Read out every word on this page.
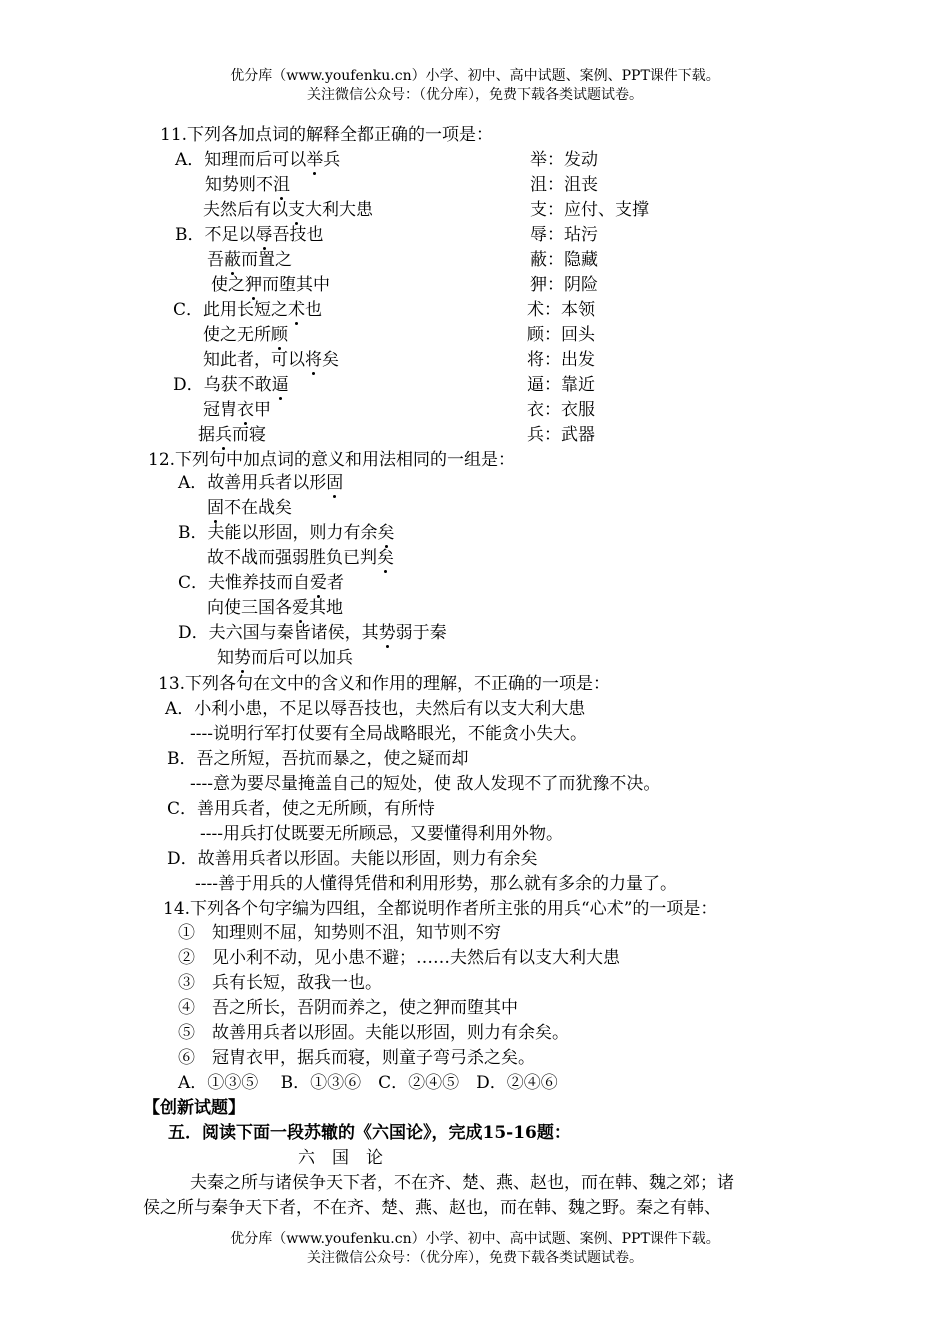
优分库（www.youfenku.cn）小学、初中、高中试题、案例、PPT课件下载。
关注微信公众号：（优分库），免费下载各类试题试卷。
11.下列各加点词的解释全都正确的一项是：
A．知理而后可以举兵	举：发动
知势则不沮	沮：沮丧
夫然后有以支大利大患	支：应付、支撑
B．不足以辱吾技也	辱：玷污
吾蔽而置之	蔽：隐藏
使之狎而堕其中	狎：阴险
C．此用长短之术也	术：本领
使之无所顾	顾：回头
知此者，可以将矣	将：出发
D．乌获不敢逼	逼：靠近
冠胄衣甲	衣：衣服
据兵而寝	兵：武器
12.下列句中加点词的意义和用法相同的一组是：
A．故善用兵者以形固
固不在战矣
B．夫能以形固，则力有余矣
故不战而强弱胜负已判矣
C．夫惟养技而自爱者
向使三国各爱其地
D．夫六国与秦皆诸侯，其势弱于秦
知势而后可以加兵
13.下列各句在文中的含义和作用的理解，不正确的一项是：
A．小利小患，不足以辱吾技也，夫然后有以支大利大患
----说明行军打仗要有全局战略眼光，不能贪小失大。
B．吾之所短，吾抗而暴之，使之疑而却
----意为要尽量掩盖自己的短处，使 敌人发现不了而犹豫不决。
C．善用兵者，使之无所顾，有所恃
----用兵打仗既要无所顾忌，又要懂得利用外物。
D．故善用兵者以形固。夫能以形固，则力有余矣
----善于用兵的人懂得凭借和利用形势，那么就有多余的力量了。
14.下列各个句字编为四组，全都说明作者所主张的用兵“心术”的一项是：
①　知理则不屈，知势则不沮，知节则不穷
②　见小利不动，见小患不避；……夫然后有以支大利大患
③　兵有长短，敌我一也。
④　吾之所长，吾阴而养之，使之狎而堕其中
⑤　故善用兵者以形固。夫能以形固，则力有余矣。
⑥　冠胄衣甲，据兵而寝，则童子弯弓杀之矣。
A．①③⑤　 B．①③⑥　C．②④⑤　D．②④⑥
【创新试题】
五．阅读下面一段苏辙的《六国论》，完成15-16题：
六　国　论
夫秦之所与诸侯争天下者，不在齐、楚、燕、赵也，而在韩、魏之郊；诸
侯之所与秦争天下者，不在齐、楚、燕、赵也，而在韩、魏之野。秦之有韩、
优分库（www.youfenku.cn）小学、初中、高中试题、案例、PPT课件下载。
关注微信公众号：（优分库），免费下载各类试题试卷。
